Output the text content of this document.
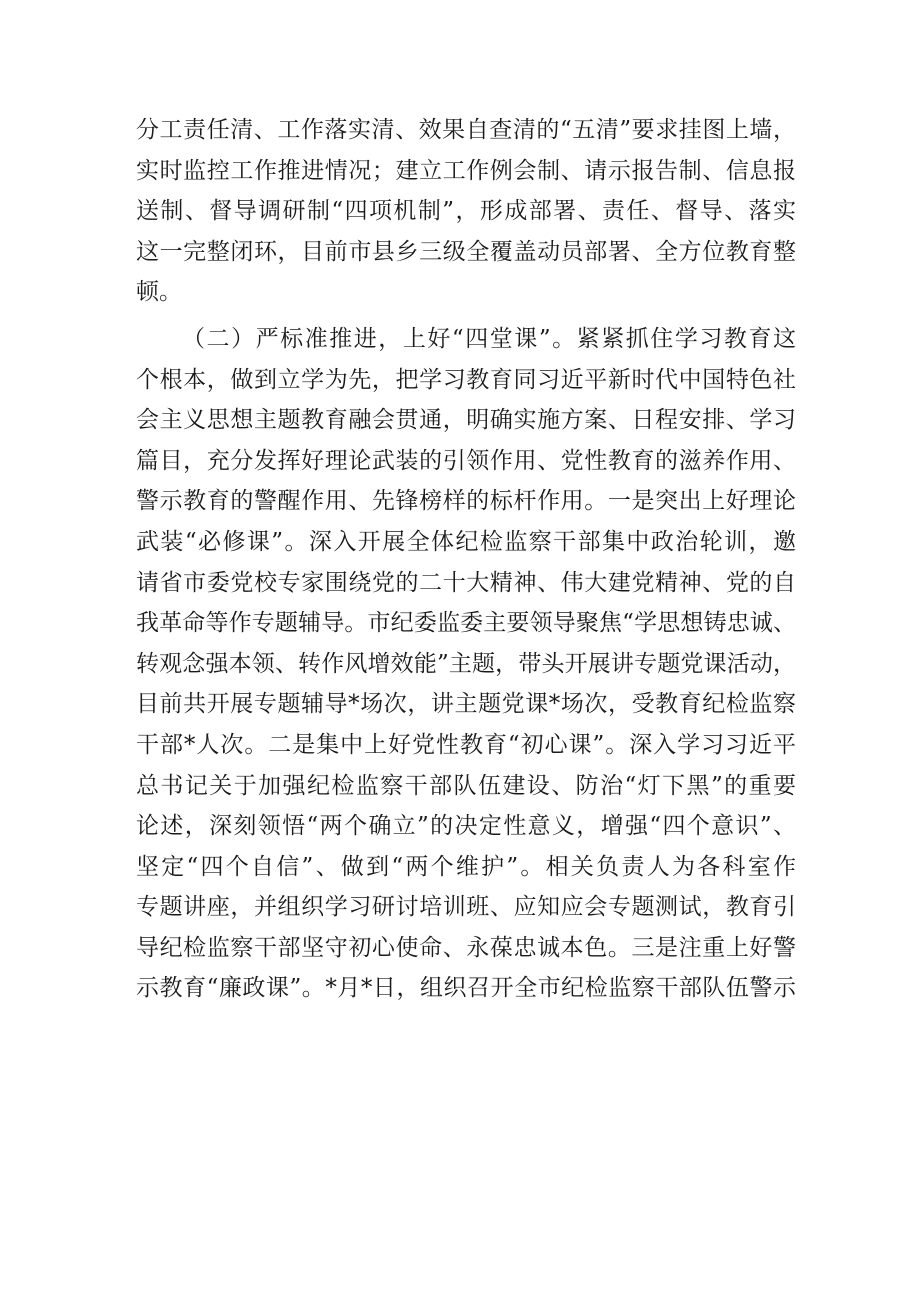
分工责任清、工作落实清、效果自查清的“五清”要求挂图上墙，
实时监控工作推进情况；建立工作例会制、请示报告制、信息报
送制、督导调研制“四项机制”，形成部署、责任、督导、落实
这一完整闭环，目前市县乡三级全覆盖动员部署、全方位教育整
顿。
（二）严标准推进，上好“四堂课”。紧紧抓住学习教育这
个根本，做到立学为先，把学习教育同习近平新时代中国特色社
会主义思想主题教育融会贯通，明确实施方案、日程安排、学习
篇目，充分发挥好理论武装的引领作用、党性教育的滋养作用、
警示教育的警醒作用、先锋榜样的标杆作用。一是突出上好理论
武装“必修课”。深入开展全体纪检监察干部集中政治轮训，邀
请省市委党校专家围绕党的二十大精神、伟大建党精神、党的自
我革命等作专题辅导。市纪委监委主要领导聚焦“学思想铸忠诚、
转观念强本领、转作风增效能”主题，带头开展讲专题党课活动，
目前共开展专题辅导*场次，讲主题党课*场次，受教育纪检监察
干部*人次。二是集中上好党性教育“初心课”。深入学习习近平
总书记关于加强纪检监察干部队伍建设、防治“灯下黑”的重要
论述，深刻领悟“两个确立”的决定性意义，增强“四个意识”、
坚定“四个自信”、做到“两个维护”。相关负责人为各科室作
专题讲座，并组织学习研讨培训班、应知应会专题测试，教育引
导纪检监察干部坚守初心使命、永葆忠诚本色。三是注重上好警
示教育“廉政课”。*月*日，组织召开全市纪检监察干部队伍警示
